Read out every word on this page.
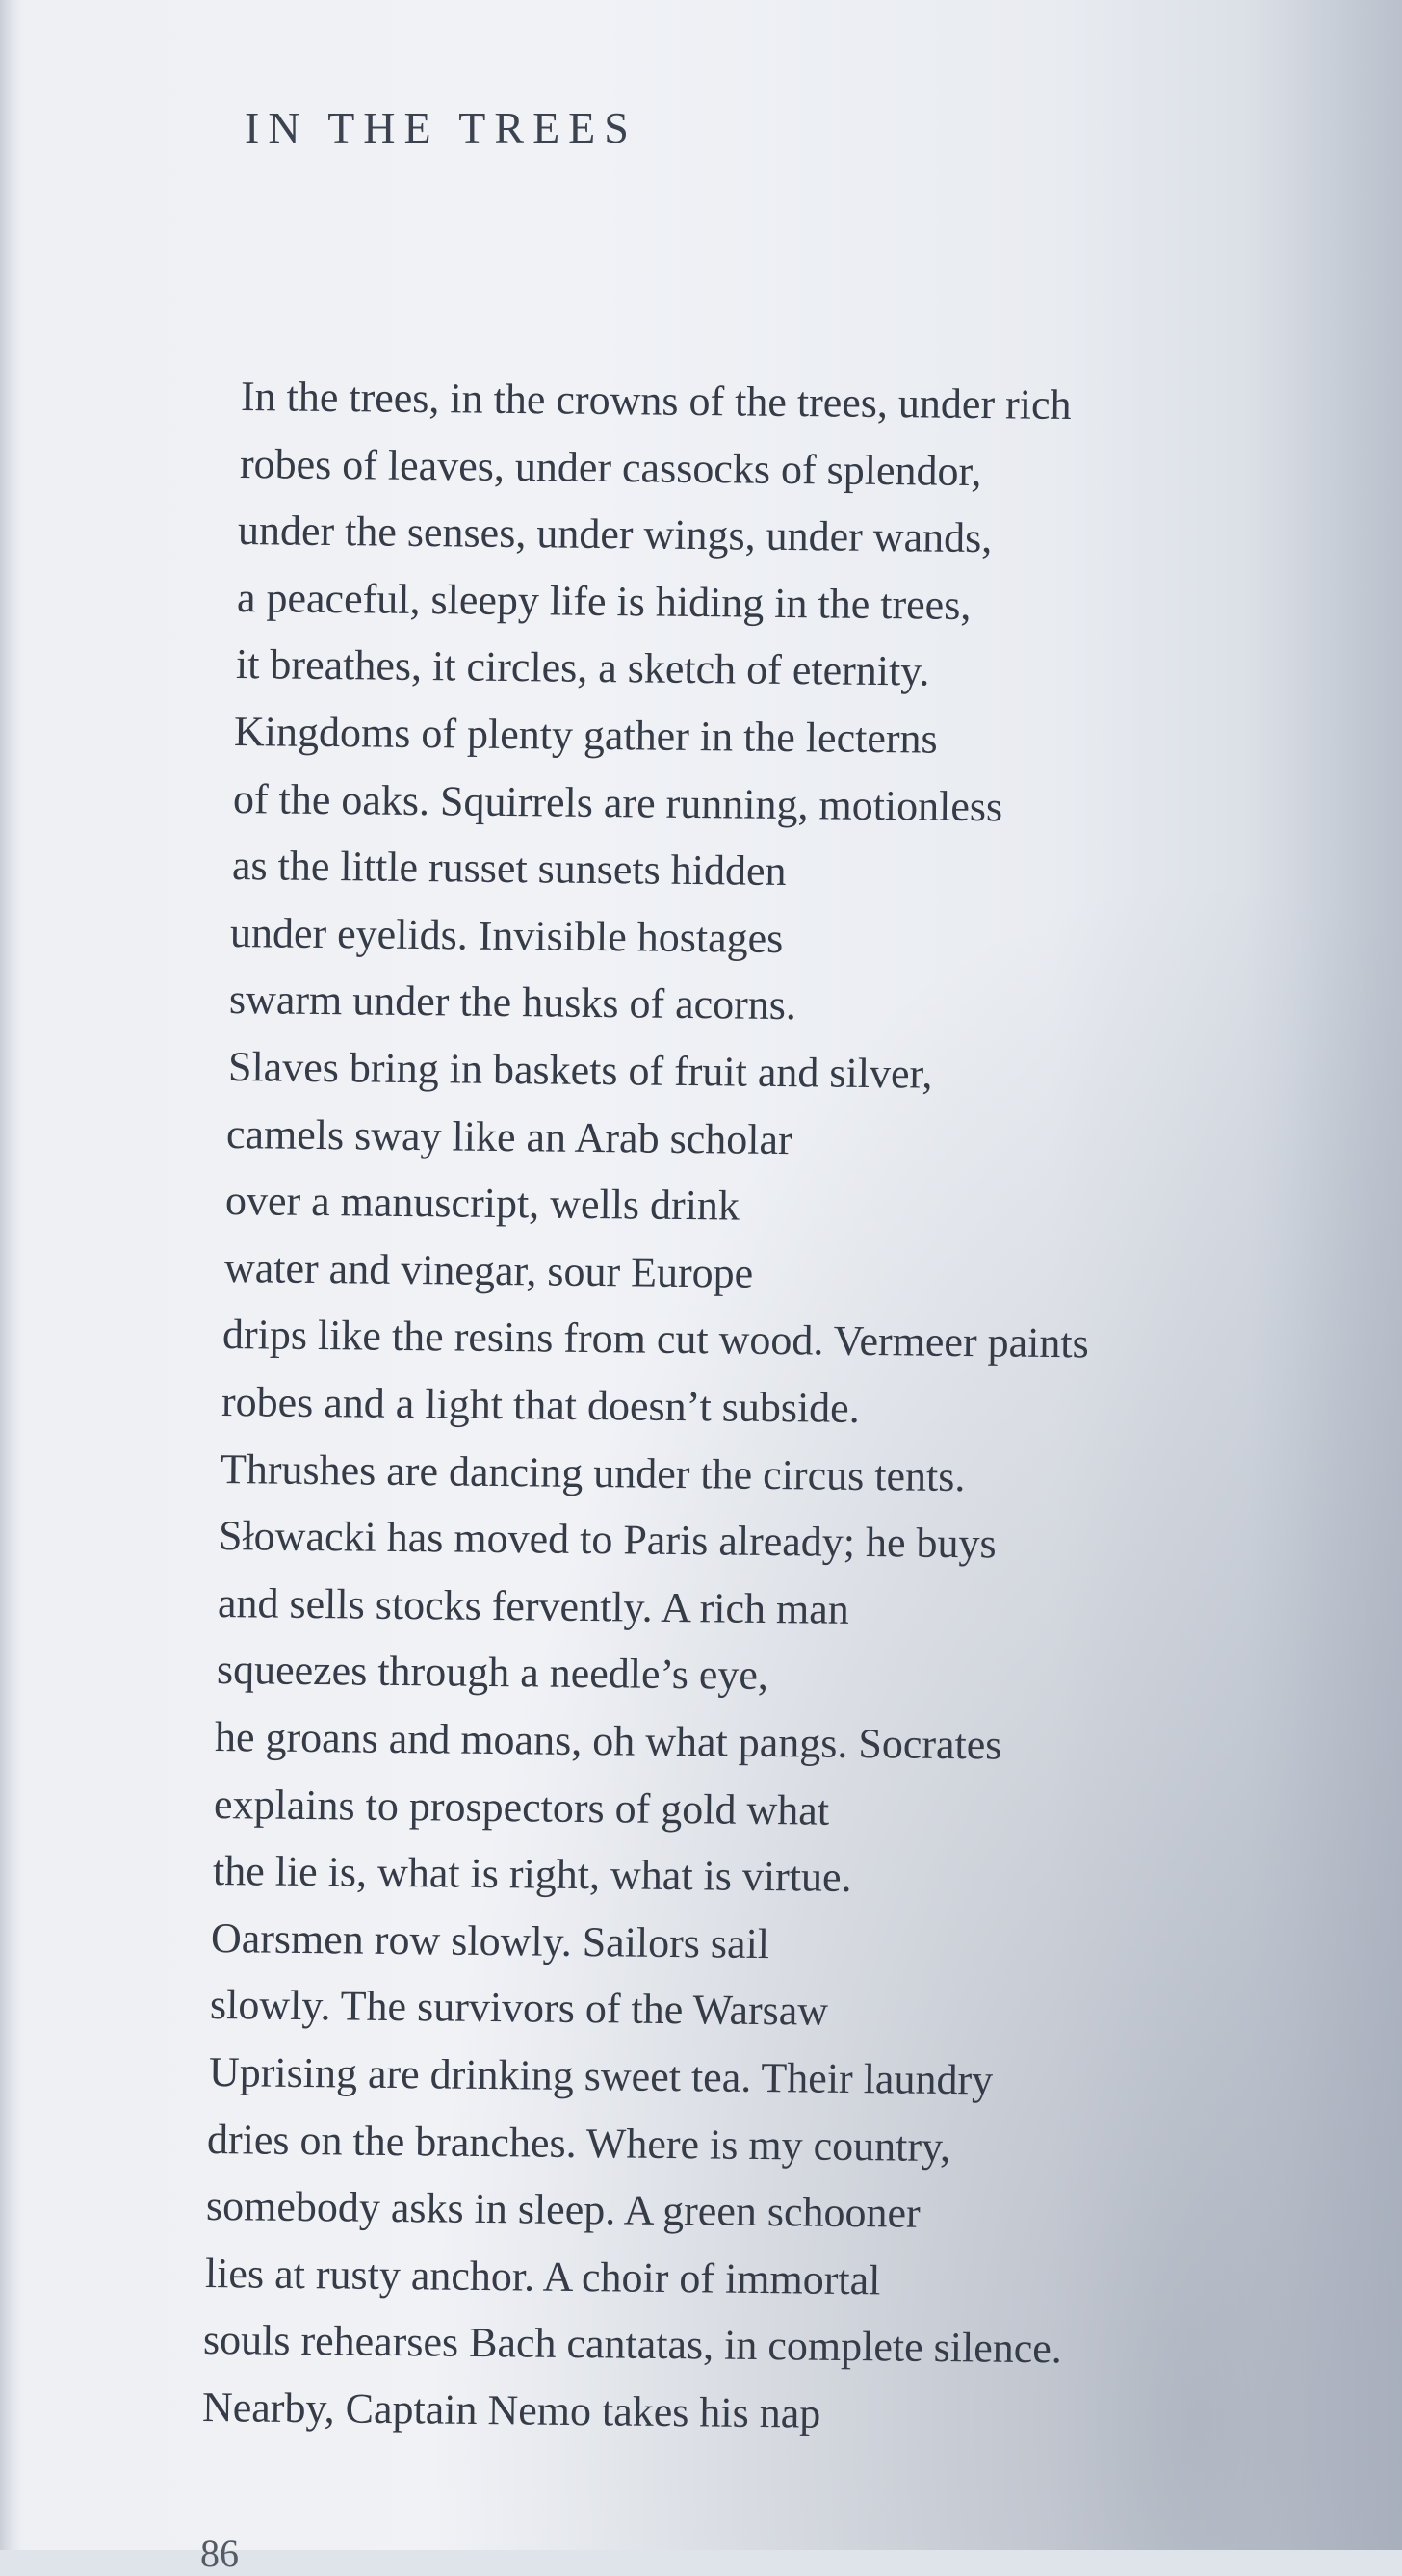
IN THE TREES
In the trees, in the crowns of the trees, under rich
robes of leaves, under cassocks of splendor,
under the senses, under wings, under wands,
a peaceful, sleepy life is hiding in the trees,
it breathes, it circles, a sketch of eternity.
Kingdoms of plenty gather in the lecterns
of the oaks. Squirrels are running, motionless
as the little russet sunsets hidden
under eyelids. Invisible hostages
swarm under the husks of acorns.
Slaves bring in baskets of fruit and silver,
camels sway like an Arab scholar
over a manuscript, wells drink
water and vinegar, sour Europe
drips like the resins from cut wood. Vermeer paints
robes and a light that doesn’t subside.
Thrushes are dancing under the circus tents.
Słowacki has moved to Paris already; he buys
and sells stocks fervently. A rich man
squeezes through a needle’s eye,
he groans and moans, oh what pangs. Socrates
explains to prospectors of gold what
the lie is, what is right, what is virtue.
Oarsmen row slowly. Sailors sail
slowly. The survivors of the Warsaw
Uprising are drinking sweet tea. Their laundry
dries on the branches. Where is my country,
somebody asks in sleep. A green schooner
lies at rusty anchor. A choir of immortal
souls rehearses Bach cantatas, in complete silence.
Nearby, Captain Nemo takes his nap
86
